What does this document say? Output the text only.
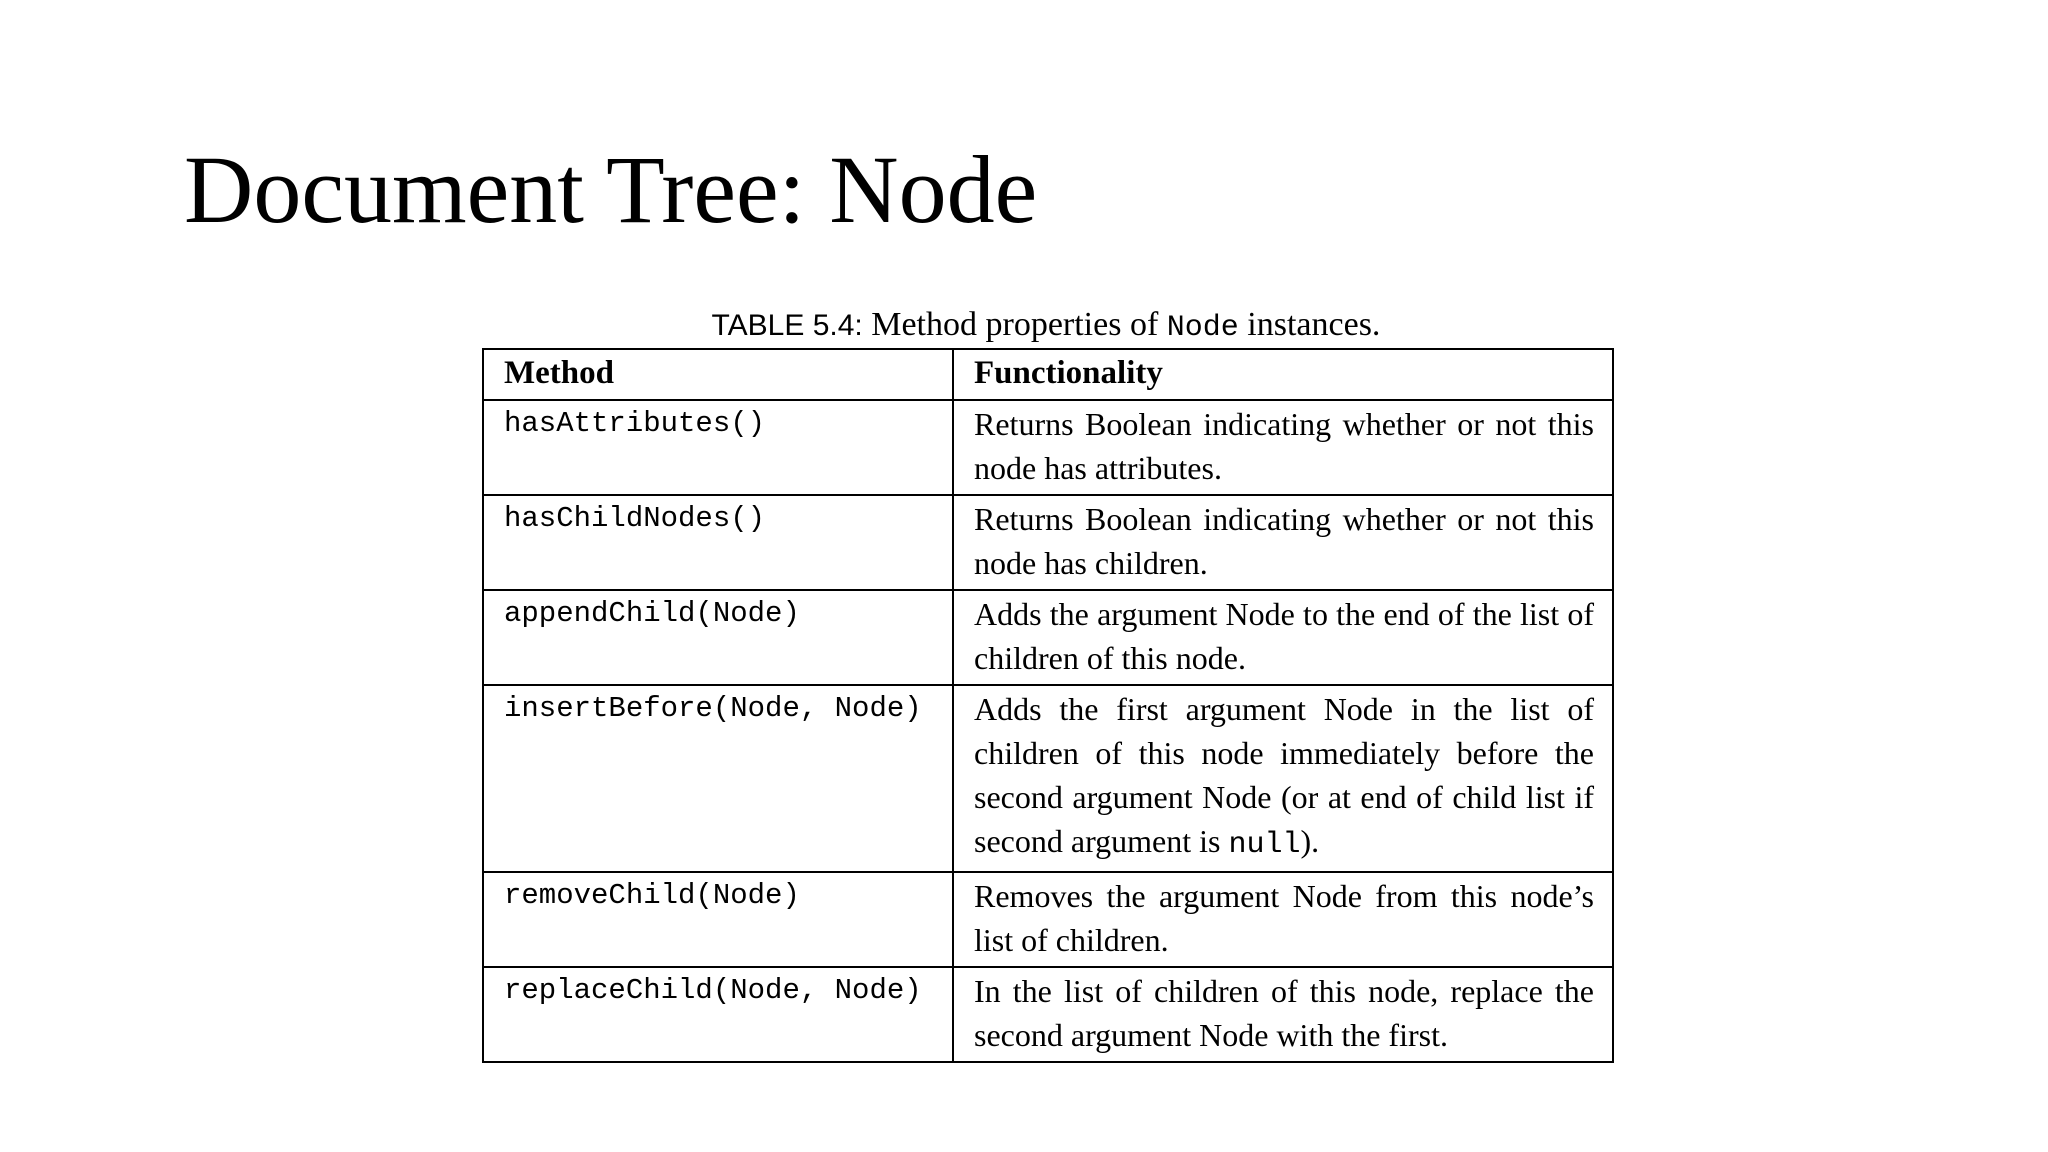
Document Tree: Node
TABLE 5.4: Method properties of Node instances.
Method	Functionality
hasAttributes()	Returns Boolean indicating whether or not this node has attributes.
hasChildNodes()	Returns Boolean indicating whether or not this node has children.
appendChild(Node)	Adds the argument Node to the end of the list of children of this node.
insertBefore(Node, Node)	Adds the first argument Node in the list of children of this node immediately before the second argument Node (or at end of child list if second argument is null).
removeChild(Node)	Removes the argument Node from this node’s list of children.
replaceChild(Node, Node)	In the list of children of this node, replace the second argument Node with the first.
